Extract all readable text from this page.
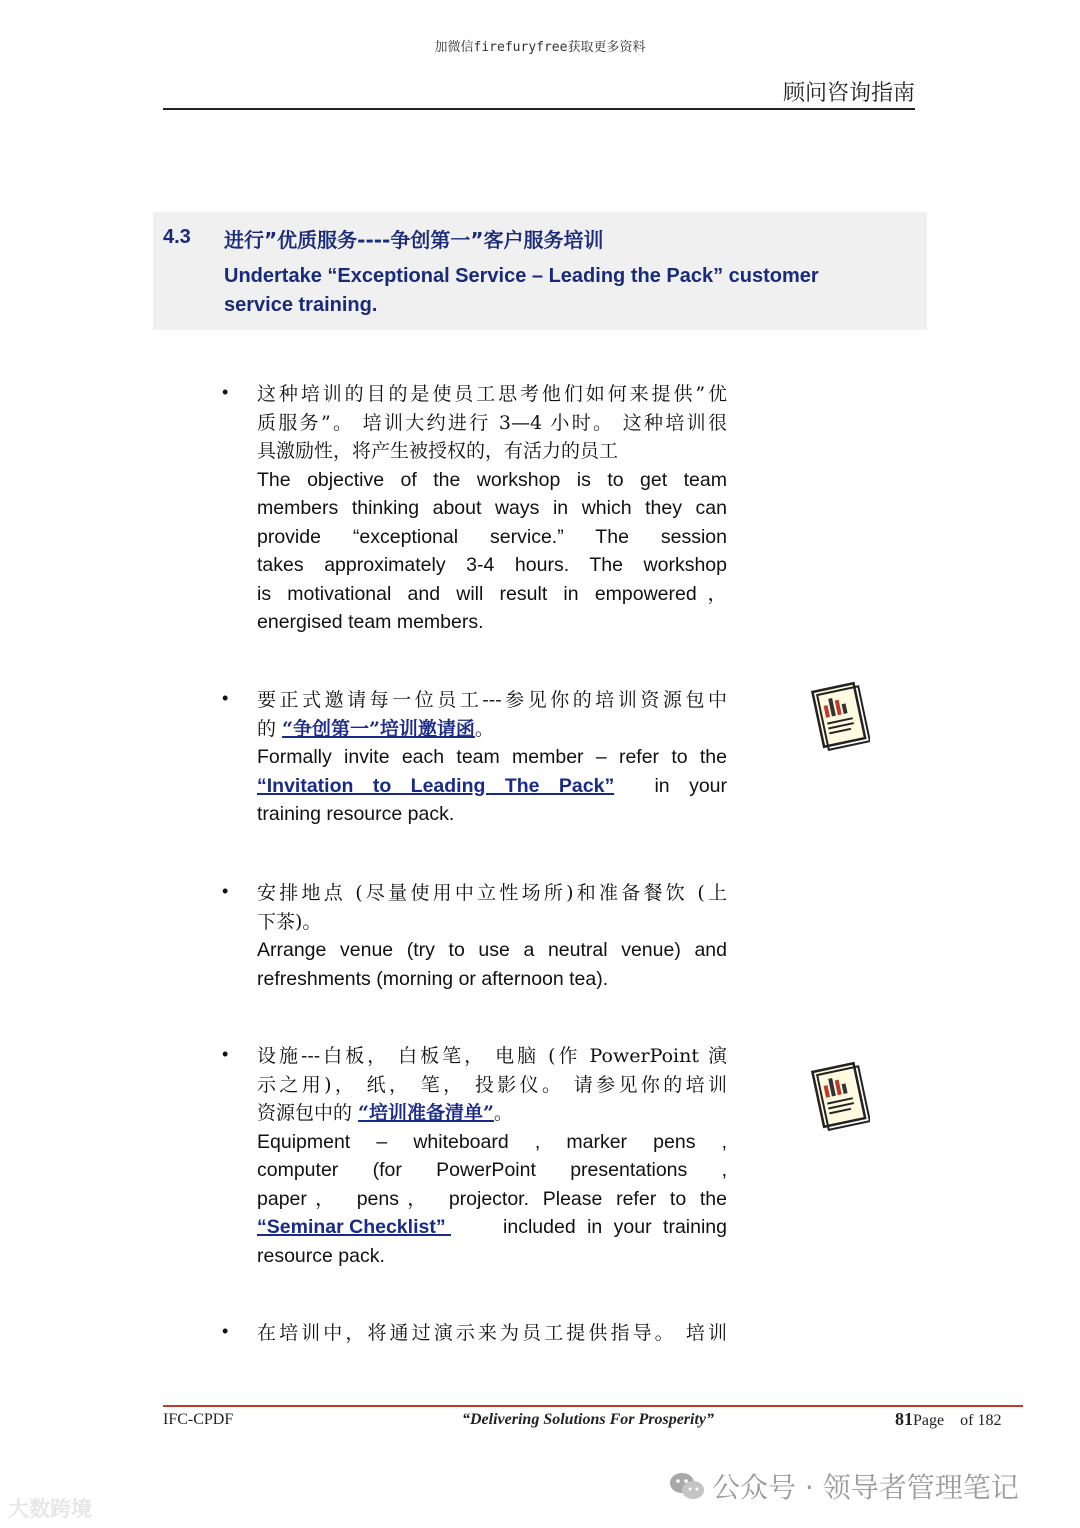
加微信firefuryfree获取更多资料
顾问咨询指南
4.3 进行”优质服务----争创第一”客户服务培训
Undertake “Exceptional Service – Leading the Pack” customer
service training.
• 这种培训的目的是使员工思考他们如何来提供”优
质服务”。 培训大约进行 3—4 小时。 这种培训很
具激励性，将产生被授权的，有活力的员工
The objective of the workshop is to get team
members thinking about ways in which they can
provide “exceptional service.” The session
takes approximately 3-4 hours. The workshop
is motivational and will result in empowered，
energised team members.
• 要正式邀请每一位员工---参见你的培训资源包中
的 “争创第一”培训邀请函。
Formally invite each team member – refer to the
“Invitation to Leading The Pack” in your
training resource pack.
• 安排地点 (尽量使用中立性场所)和准备餐饮 (上
下茶)。
Arrange venue (try to use a neutral venue) and
refreshments (morning or afternoon tea).
• 设施---白板， 白板笔， 电脑 (作 PowerPoint 演
示之用)， 纸， 笔， 投影仪。 请参见你的培训
资源包中的 “培训准备清单”。
Equipment – whiteboard , marker pens ,
computer (for PowerPoint presentations ,
paper， pens， projector. Please refer to the
“Seminar Checklist”	included in your training
resource pack.
• 在培训中，将通过演示来为员工提供指导。 培训
IFC-CPDF	“Delivering Solutions For Prosperity”	81Page of 182
公众号 · 领导者管理笔记
大数跨境
